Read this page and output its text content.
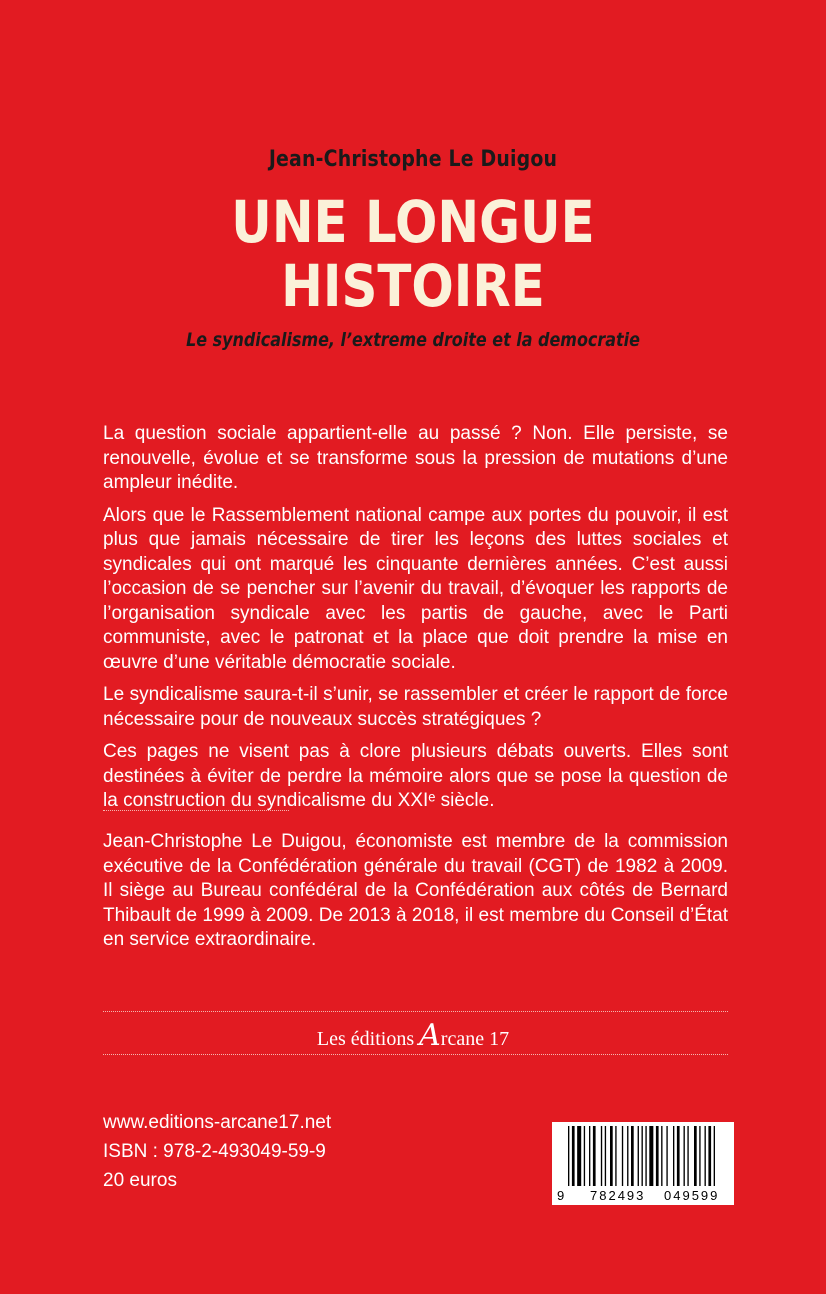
Jean-Christophe Le Duigou
UNE LONGUE
HISTOIRE
Le syndicalisme, l’extreme droite et la democratie

La question sociale appartient-elle au passé ? Non. Elle persiste, se renouvelle, évolue et se transforme sous la pression de mutations d’une ampleur inédite.

Alors que le Rassemblement national campe aux portes du pouvoir, il est plus que jamais nécessaire de tirer les leçons des luttes sociales et syndicales qui ont marqué les cinquante dernières années. C’est aussi l’occasion de se pencher sur l’avenir du travail, d’évoquer les rapports de l’organisation syndicale avec les partis de gauche, avec le Parti communiste, avec le patronat et la place que doit prendre la mise en œuvre d’une véritable démocratie sociale.

Le syndicalisme saura-t-il s’unir, se rassembler et créer le rapport de force nécessaire pour de nouveaux succès stratégiques ?

Ces pages ne visent pas à clore plusieurs débats ouverts. Elles sont destinées à éviter de perdre la mémoire alors que se pose la question de la construction du syndicalisme du XXIᵉ siècle.

Jean-Christophe Le Duigou, économiste est membre de la commission exécutive de la Confédération générale du travail (CGT) de 1982 à 2009. Il siège au Bureau confédéral de la Confédération aux côtés de Bernard Thibault de 1999 à 2009. De 2013 à 2018, il est membre du Conseil d’État en service extraordinaire.
Les éditions Arcane 17
www.editions-arcane17.net
ISBN : 978-2-493049-59-9
20 euros
9 782493 049599
